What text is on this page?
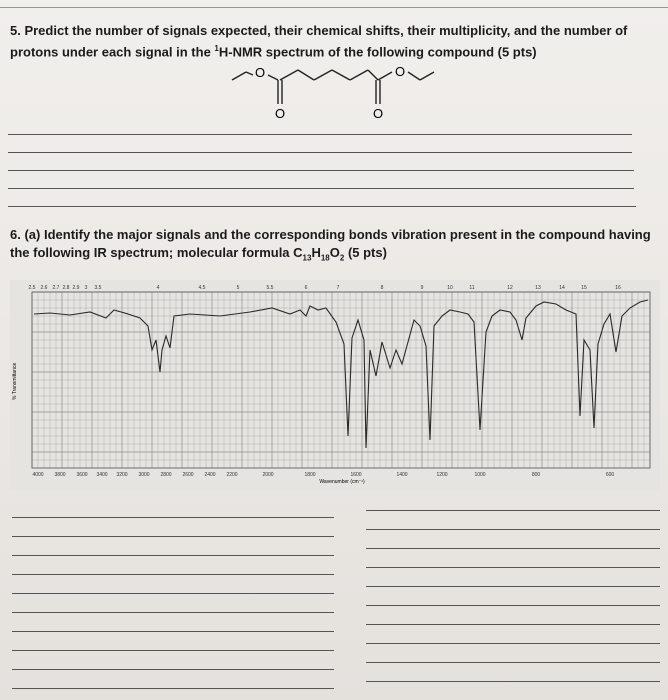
5. Predict the number of signals expected, their chemical shifts, their multiplicity, and the number of protons under each signal in the $^1$H-NMR spectrum of the following compound (5 pts)
O
O	O
O
6. (a) Identify the major signals and the corresponding bonds vibration present in the compound having the following IR spectrum; molecular formula $C_{13}H_{18}O_2$ (5 pts)
2.5 2.6 2.7 2.8 2.9 3 3.5	4	4.5	5	5.5	6	7	8	9	10	11	12	13	14	15	16
4000 3800 3600 3400 3200 3000 2800 2600 2400 2200	2000	1800	1600	1400	1200	1000	800	600
% Transmittance
Wavenumber (cm⁻¹)
